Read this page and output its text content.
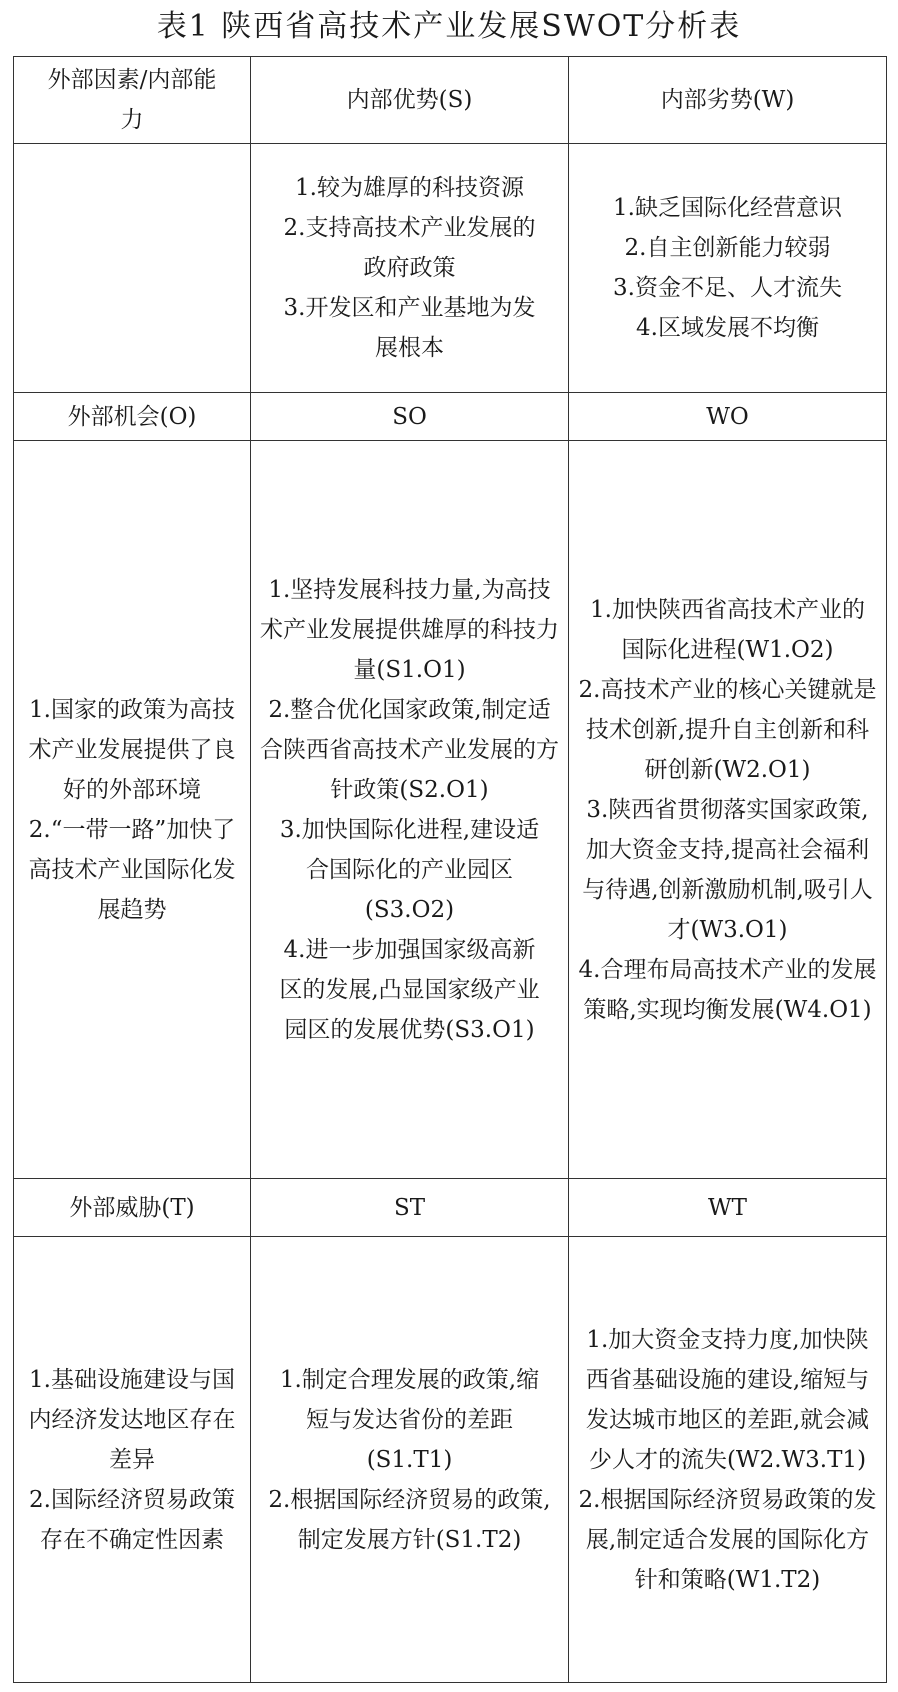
表1 陕西省高技术产业发展SWOT分析表
外部因素/内部能力	内部优势(S)	内部劣势(W)

	1.较为雄厚的科技资源
2.支持高技术产业发展的政府政策
3.开发区和产业基地为发展根本	1.缺乏国际化经营意识
2.自主创新能力较弱
3.资金不足、人才流失
4.区域发展不均衡

外部机会(O)	SO	WO

1.国家的政策为高技术产业发展提供了良好的外部环境
2.“一带一路”加快了高技术产业国际化发展趋势	1.坚持发展科技力量,为高技术产业发展提供雄厚的科技力量(S1.O1)
2.整合优化国家政策,制定适合陕西省高技术产业发展的方针政策(S2.O1)
3.加快国际化进程,建设适合国际化的产业园区(S3.O2)
4.进一步加强国家级高新区的发展,凸显国家级产业园区的发展优势(S3.O1)	1.加快陕西省高技术产业的国际化进程(W1.O2)
2.高技术产业的核心关键就是技术创新,提升自主创新和科研创新(W2.O1)
3.陕西省贯彻落实国家政策,加大资金支持,提高社会福利与待遇,创新激励机制,吸引人才(W3.O1)
4.合理布局高技术产业的发展策略,实现均衡发展(W4.O1)

外部威胁(T)	ST	WT

1.基础设施建设与国内经济发达地区存在差异
2.国际经济贸易政策存在不确定性因素	1.制定合理发展的政策,缩短与发达省份的差距(S1.T1)
2.根据国际经济贸易的政策,制定发展方针(S1.T2)	1.加大资金支持力度,加快陕西省基础设施的建设,缩短与发达城市地区的差距,就会减少人才的流失(W2.W3.T1)
2.根据国际经济贸易政策的发展,制定适合发展的国际化方针和策略(W1.T2)
